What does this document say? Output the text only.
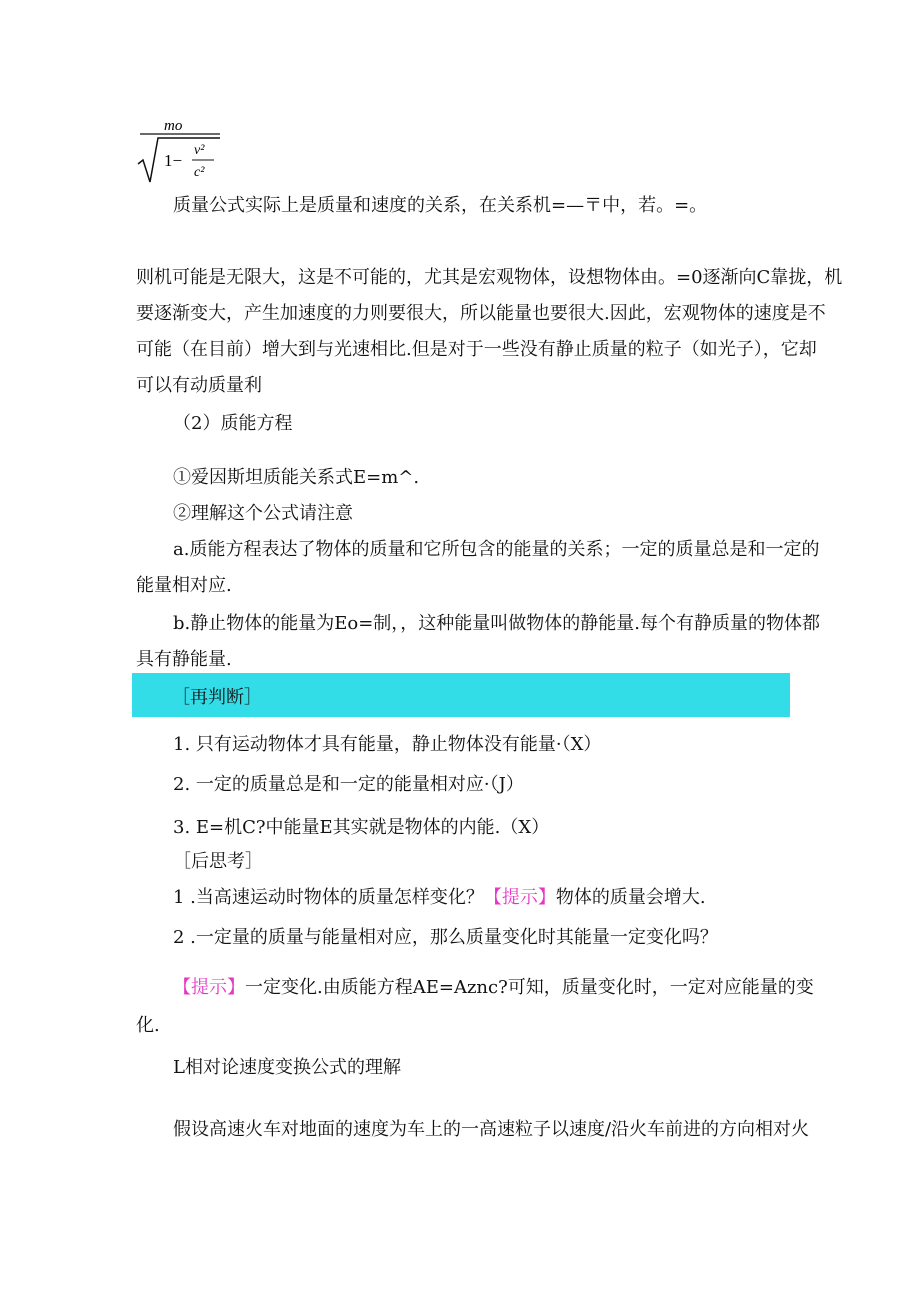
mo
1−
v²
c²
质量公式实际上是质量和速度的关系，在关系机=—〒中，若。=。
则机可能是无限大，这是不可能的，尤其是宏观物体，设想物体由。=0逐渐向C靠拢，机
要逐渐变大，产生加速度的力则要很大，所以能量也要很大.因此，宏观物体的速度是不
可能（在目前）增大到与光速相比.但是对于一些没有静止质量的粒子（如光子），它却
可以有动质量利
（2）质能方程
①爱因斯坦质能关系式E=m^.
②理解这个公式请注意
a.质能方程表达了物体的质量和它所包含的能量的关系；一定的质量总是和一定的
能量相对应.
b.静止物体的能量为Eo=制，，这种能量叫做物体的静能量.每个有静质量的物体都
具有静能量.
［再判断］
1. 只有运动物体才具有能量，静止物体没有能量·（X）
2. 一定的质量总是和一定的能量相对应·（J）
3. E=机C?中能量E其实就是物体的内能.（X）
［后思考］
1 .当高速运动时物体的质量怎样变化？【提示】物体的质量会增大.
2 .一定量的质量与能量相对应，那么质量变化时其能量一定变化吗？
【提示】一定变化.由质能方程AE=Aznc?可知，质量变化时，一定对应能量的变
化.
L相对论速度变换公式的理解
假设高速火车对地面的速度为车上的一高速粒子以速度/沿火车前进的方向相对火
